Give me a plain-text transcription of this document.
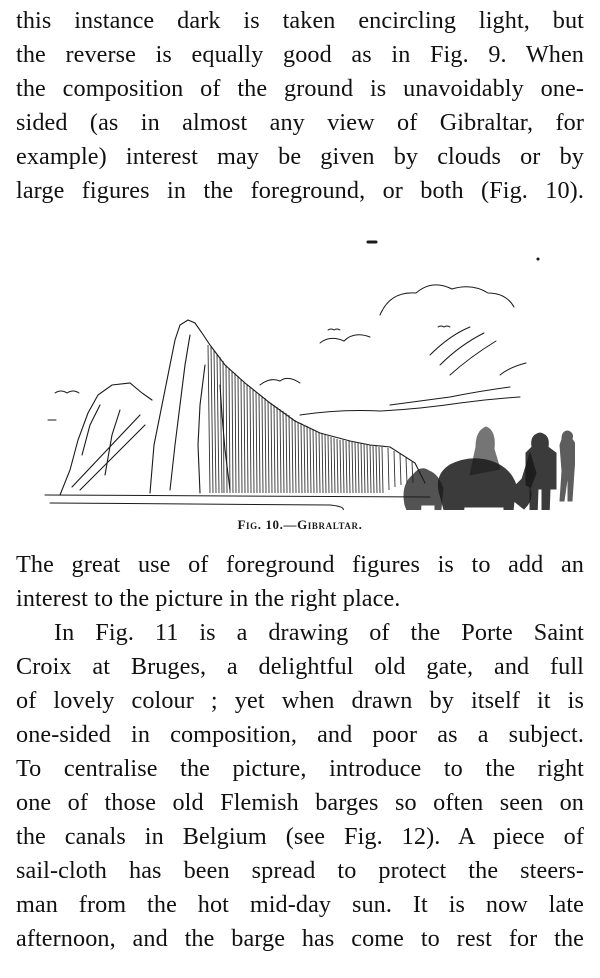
this instance dark is taken encircling light, but
the reverse is equally good as in Fig. 9. When
the composition of the ground is unavoidably one-
sided (as in almost any view of Gibraltar, for
example) interest may be given by clouds or by
large figures in the foreground, or both (Fig. 10).
Fig. 10.—Gibraltar.
The great use of foreground figures is to add an
interest to the picture in the right place.
In Fig. 11 is a drawing of the Porte Saint
Croix at Bruges, a delightful old gate, and full
of lovely colour ; yet when drawn by itself it is
one-sided in composition, and poor as a subject.
To centralise the picture, introduce to the right
one of those old Flemish barges so often seen on
the canals in Belgium (see Fig. 12). A piece of
sail-cloth has been spread to protect the steers-
man from the hot mid-day sun. It is now late
afternoon, and the barge has come to rest for the
